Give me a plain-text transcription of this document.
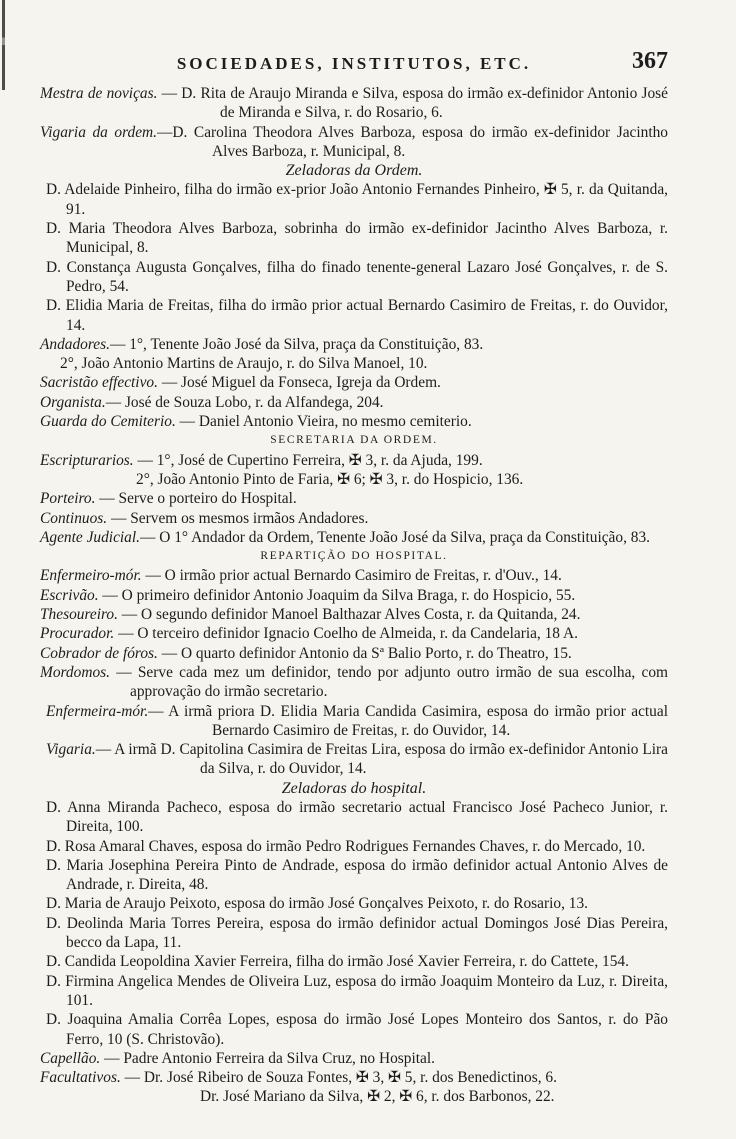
SOCIEDADES, INSTITUTOS, ETC.	367

Mestra de noviças. — D. Rita de Araujo Miranda e Silva, esposa do irmão ex-definidor Antonio José de Miranda e Silva, r. do Rosario, 6.

Vigaria da ordem.—D. Carolina Theodora Alves Barboza, esposa do irmão ex-definidor Jacintho Alves Barboza, r. Municipal, 8.

Zeladoras da Ordem.

D. Adelaide Pinheiro, filha do irmão ex-prior João Antonio Fernandes Pinheiro, ✠ 5, r. da Quitanda, 91.

D. Maria Theodora Alves Barboza, sobrinha do irmão ex-definidor Jacintho Alves Barboza, r. Municipal, 8.

D. Constança Augusta Gonçalves, filha do finado tenente-general Lazaro José Gonçalves, r. de S. Pedro, 54.

D. Elidia Maria de Freitas, filha do irmão prior actual Bernardo Casimiro de Freitas, r. do Ouvidor, 14.

Andadores.— 1°, Tenente João José da Silva, praça da Constituição, 83.

2°, João Antonio Martins de Araujo, r. do Silva Manoel, 10.

Sacristão effectivo. — José Miguel da Fonseca, Igreja da Ordem.

Organista.— José de Souza Lobo, r. da Alfandega, 204.

Guarda do Cemiterio. — Daniel Antonio Vieira, no mesmo cemiterio.

SECRETARIA DA ORDEM.

Escripturarios. — 1°, José de Cupertino Ferreira, ✠ 3, r. da Ajuda, 199.

2°, João Antonio Pinto de Faria, ✠ 6; ✠ 3, r. do Hospicio, 136.

Porteiro. — Serve o porteiro do Hospital.

Continuos. — Servem os mesmos irmãos Andadores.

Agente Judicial.— O 1° Andador da Ordem, Tenente João José da Silva, praça da Constituição, 83.

REPARTIÇÃO DO HOSPITAL.

Enfermeiro-mór. — O irmão prior actual Bernardo Casimiro de Freitas, r. d'Ouv., 14.

Escrivão. — O primeiro definidor Antonio Joaquim da Silva Braga, r. do Hospicio, 55.

Thesoureiro. — O segundo definidor Manoel Balthazar Alves Costa, r. da Quitanda, 24.

Procurador. — O terceiro definidor Ignacio Coelho de Almeida, r. da Candelaria, 18 A.

Cobrador de fóros. — O quarto definidor Antonio da Sª Balio Porto, r. do Theatro, 15.

Mordomos. — Serve cada mez um definidor, tendo por adjunto outro irmão de sua escolha, com approvação do irmão secretario.

Enfermeira-mór.— A irmã priora D. Elidia Maria Candida Casimira, esposa do irmão prior actual Bernardo Casimiro de Freitas, r. do Ouvidor, 14.

Vigaria.— A irmã D. Capitolina Casimira de Freitas Lira, esposa do irmão ex-definidor Antonio Lira da Silva, r. do Ouvidor, 14.

Zeladoras do hospital.

D. Anna Miranda Pacheco, esposa do irmão secretario actual Francisco José Pacheco Junior, r. Direita, 100.

D. Rosa Amaral Chaves, esposa do irmão Pedro Rodrigues Fernandes Chaves, r. do Mercado, 10.

D. Maria Josephina Pereira Pinto de Andrade, esposa do irmão definidor actual Antonio Alves de Andrade, r. Direita, 48.

D. Maria de Araujo Peixoto, esposa do irmão José Gonçalves Peixoto, r. do Rosario, 13.

D. Deolinda Maria Torres Pereira, esposa do irmão definidor actual Domingos José Dias Pereira, becco da Lapa, 11.

D. Candida Leopoldina Xavier Ferreira, filha do irmão José Xavier Ferreira, r. do Cattete, 154.

D. Firmina Angelica Mendes de Oliveira Luz, esposa do irmão Joaquim Monteiro da Luz, r. Direita, 101.

D. Joaquina Amalia Corrêa Lopes, esposa do irmão José Lopes Monteiro dos Santos, r. do Pão Ferro, 10 (S. Christovão).

Capellão. — Padre Antonio Ferreira da Silva Cruz, no Hospital.

Facultativos. — Dr. José Ribeiro de Souza Fontes, ✠ 3, ✠ 5, r. dos Benedictinos, 6.

Dr. José Mariano da Silva, ✠ 2, ✠ 6, r. dos Barbonos, 22.
